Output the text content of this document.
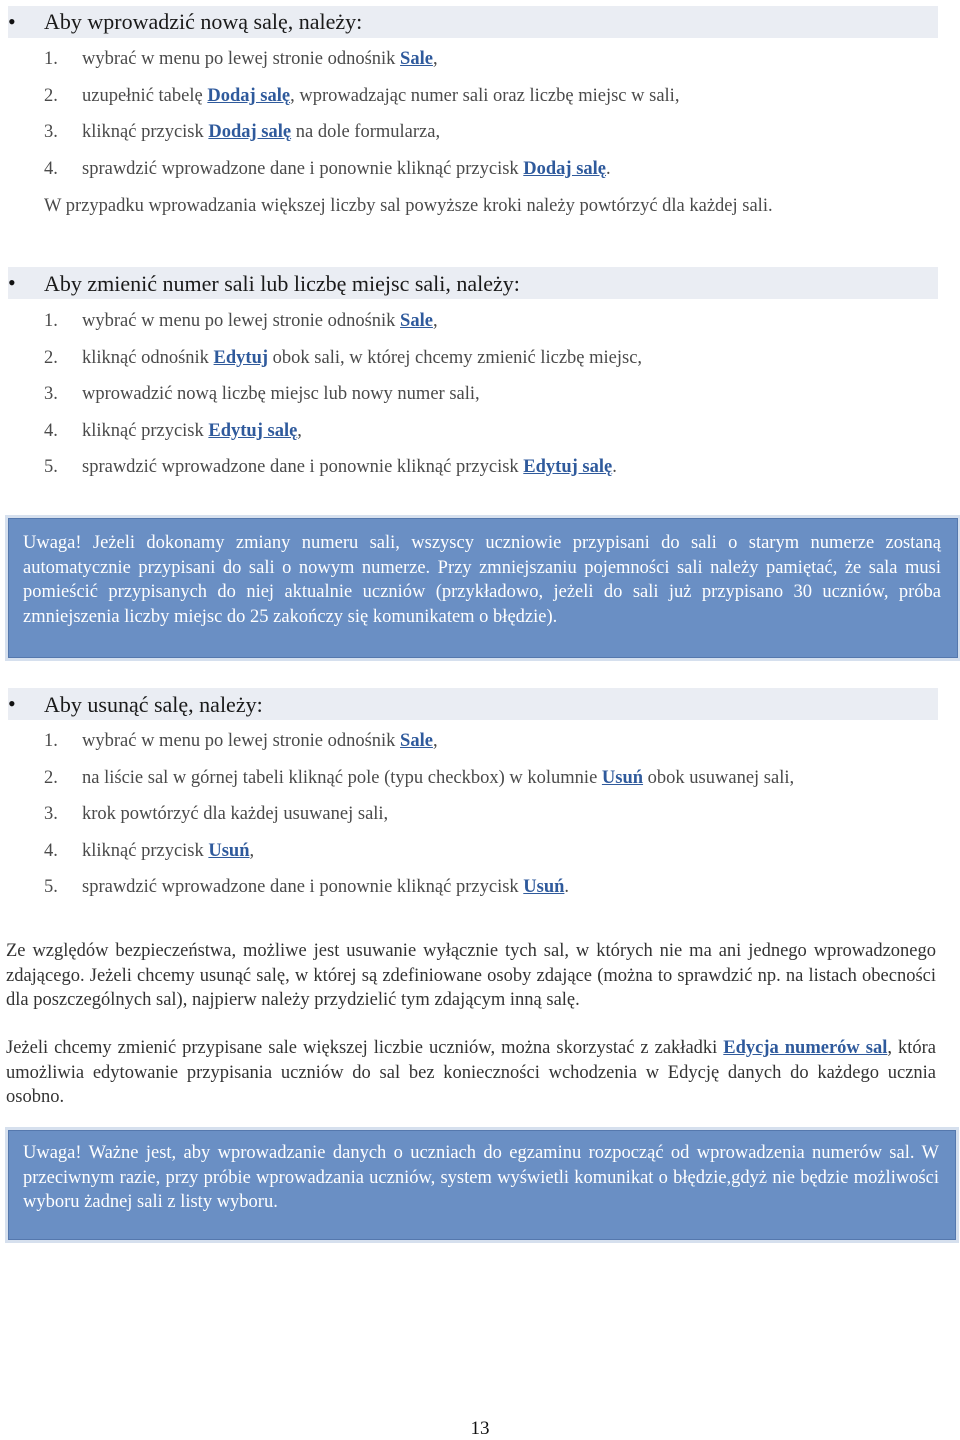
• Aby wprowadzić nową salę, należy:
1. wybrać w menu po lewej stronie odnośnik Sale,
2. uzupełnić tabelę Dodaj salę, wprowadzając numer sali oraz liczbę miejsc w sali,
3. kliknąć przycisk Dodaj salę na dole formularza,
4. sprawdzić wprowadzone dane i ponownie kliknąć przycisk Dodaj salę.
W przypadku wprowadzania większej liczby sal powyższe kroki należy powtórzyć dla każdej sali.
• Aby zmienić numer sali lub liczbę miejsc sali, należy:
1. wybrać w menu po lewej stronie odnośnik Sale,
2. kliknąć odnośnik Edytuj obok sali, w której chcemy zmienić liczbę miejsc,
3. wprowadzić nową liczbę miejsc lub nowy numer sali,
4. kliknąć przycisk Edytuj salę,
5. sprawdzić wprowadzone dane i ponownie kliknąć przycisk Edytuj salę.
Uwaga! Jeżeli dokonamy zmiany numeru sali, wszyscy uczniowie przypisani do sali o starym numerze zostaną automatycznie przypisani do sali o nowym numerze. Przy zmniejszaniu pojemności sali należy pamiętać, że sala musi pomieścić przypisanych do niej aktualnie uczniów (przykładowo, jeżeli do sali już przypisano 30 uczniów, próba zmniejszenia liczby miejsc do 25 zakończy się komunikatem o błędzie).
• Aby usunąć salę, należy:
1. wybrać w menu po lewej stronie odnośnik Sale,
2. na liście sal w górnej tabeli kliknąć pole (typu checkbox) w kolumnie Usuń obok usuwanej sali,
3. krok powtórzyć dla każdej usuwanej sali,
4. kliknąć przycisk Usuń,
5. sprawdzić wprowadzone dane i ponownie kliknąć przycisk Usuń.
Ze względów bezpieczeństwa, możliwe jest usuwanie wyłącznie tych sal, w których nie ma ani jednego wprowadzonego zdającego. Jeżeli chcemy usunąć salę, w której są zdefiniowane osoby zdające (można to sprawdzić np. na listach obecności dla poszczególnych sal), najpierw należy przydzielić tym zdającym inną salę.
Jeżeli chcemy zmienić przypisane sale większej liczbie uczniów, można skorzystać z zakładki Edycja numerów sal, która umożliwia edytowanie przypisania uczniów do sal bez konieczności wchodzenia w Edycję danych do każdego ucznia osobno.
Uwaga! Ważne jest, aby wprowadzanie danych o uczniach do egzaminu rozpocząć od wprowadzenia numerów sal. W przeciwnym razie, przy próbie wprowadzania uczniów, system wyświetli komunikat o błędzie,gdyż nie będzie możliwości wyboru żadnej sali z listy wyboru.
13
